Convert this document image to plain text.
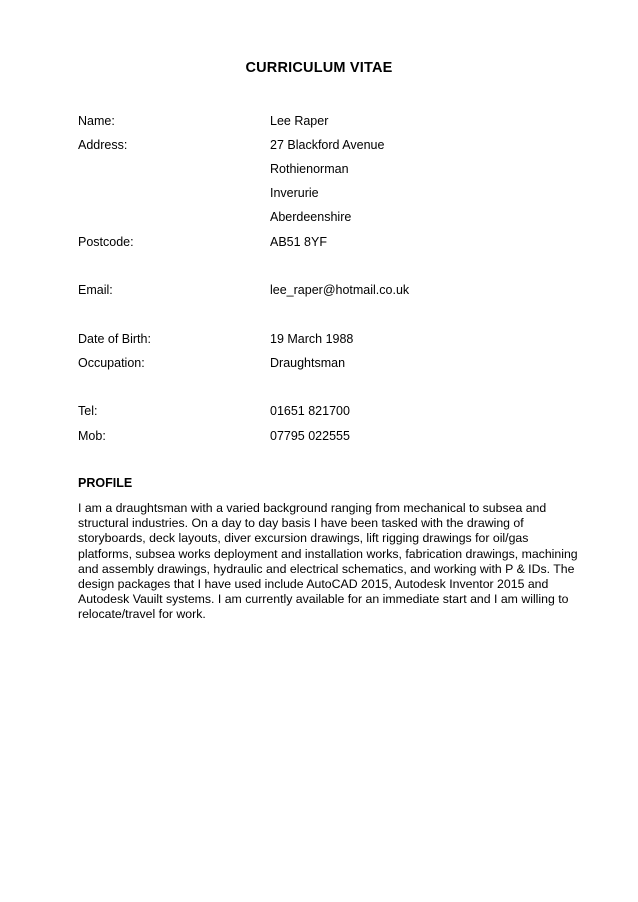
CURRICULUM VITAE
Name:	Lee Raper
Address:	27 Blackford Avenue
Rothienorman
Inverurie
Aberdeenshire
Postcode:	AB51 8YF
Email:	lee_raper@hotmail.co.uk
Date of Birth:	19 March 1988
Occupation:	Draughtsman
Tel:	01651 821700
Mob:	07795 022555
PROFILE
I am a draughtsman with a varied background ranging from mechanical to subsea and
structural industries. On a day to day basis I have been tasked with the drawing of
storyboards, deck layouts, diver excursion drawings, lift rigging drawings for oil/gas
platforms, subsea works deployment and installation works, fabrication drawings, machining
and assembly drawings, hydraulic and electrical schematics, and working with P & IDs. The
design packages that I have used include AutoCAD 2015, Autodesk Inventor 2015 and
Autodesk Vauilt systems. I am currently available for an immediate start and I am willing to
relocate/travel for work.
